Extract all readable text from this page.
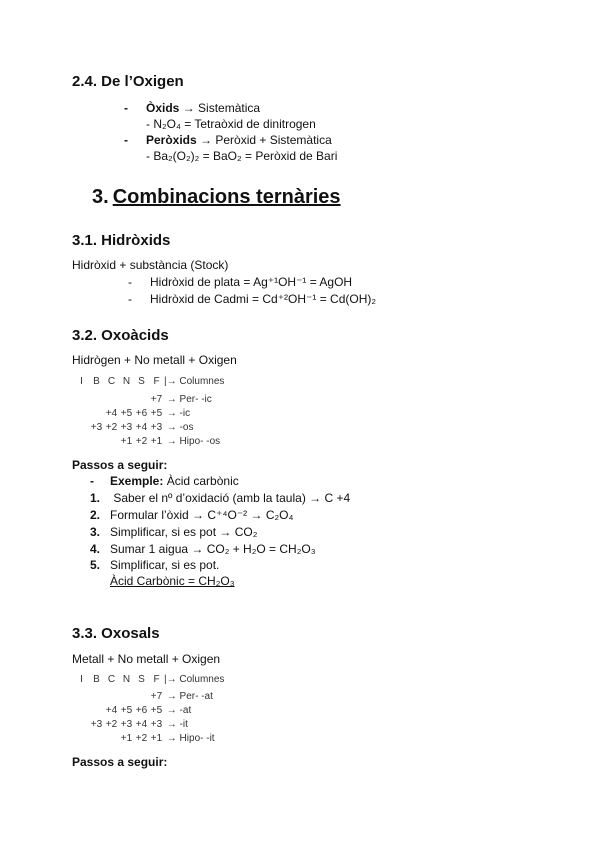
2.4. De l’Oxigen
- Òxids → Sistemàtica
- N₂O₄ = Tetraòxid de dinitrogen
- Peròxids → Peròxid + Sistemàtica
- Ba₂(O₂)₂ = BaO₂ = Peròxid de Bari
3. Combinacions ternàries
3.1. Hidròxids
Hidròxid + substància (Stock)
- Hidròxid de plata = Ag⁺¹OH⁻¹ = AgOH
- Hidròxid de Cadmi = Cd⁺²OH⁻¹ = Cd(OH)₂
3.2. Oxoàcids
Hidrògen + No metall + Oxigen
I B C N S F |→ Columnes
+7 → Per- -ic
+4 +5 +6 +5 → -ic
+3 +2 +3 +4 +3 → -os
+1 +2 +1 → Hipo- -os
Passos a seguir:
- Exemple: Àcid carbònic
1. Saber el nº d’oxidació (amb la taula) → C +4
2. Formular l’òxid → C⁺⁴O⁻² → C₂O₄
3. Simplificar, si es pot → CO₂
4. Sumar 1 aigua → CO₂ + H₂O = CH₂O₃
5. Simplificar, si es pot.
Àcid Carbònic = CH₂O₃
3.3. Oxosals
Metall + No metall + Oxigen
I B C N S F |→ Columnes
+7 → Per- -at
+4 +5 +6 +5 → -at
+3 +2 +3 +4 +3 → -it
+1 +2 +1 → Hipo- -it
Passos a seguir:
